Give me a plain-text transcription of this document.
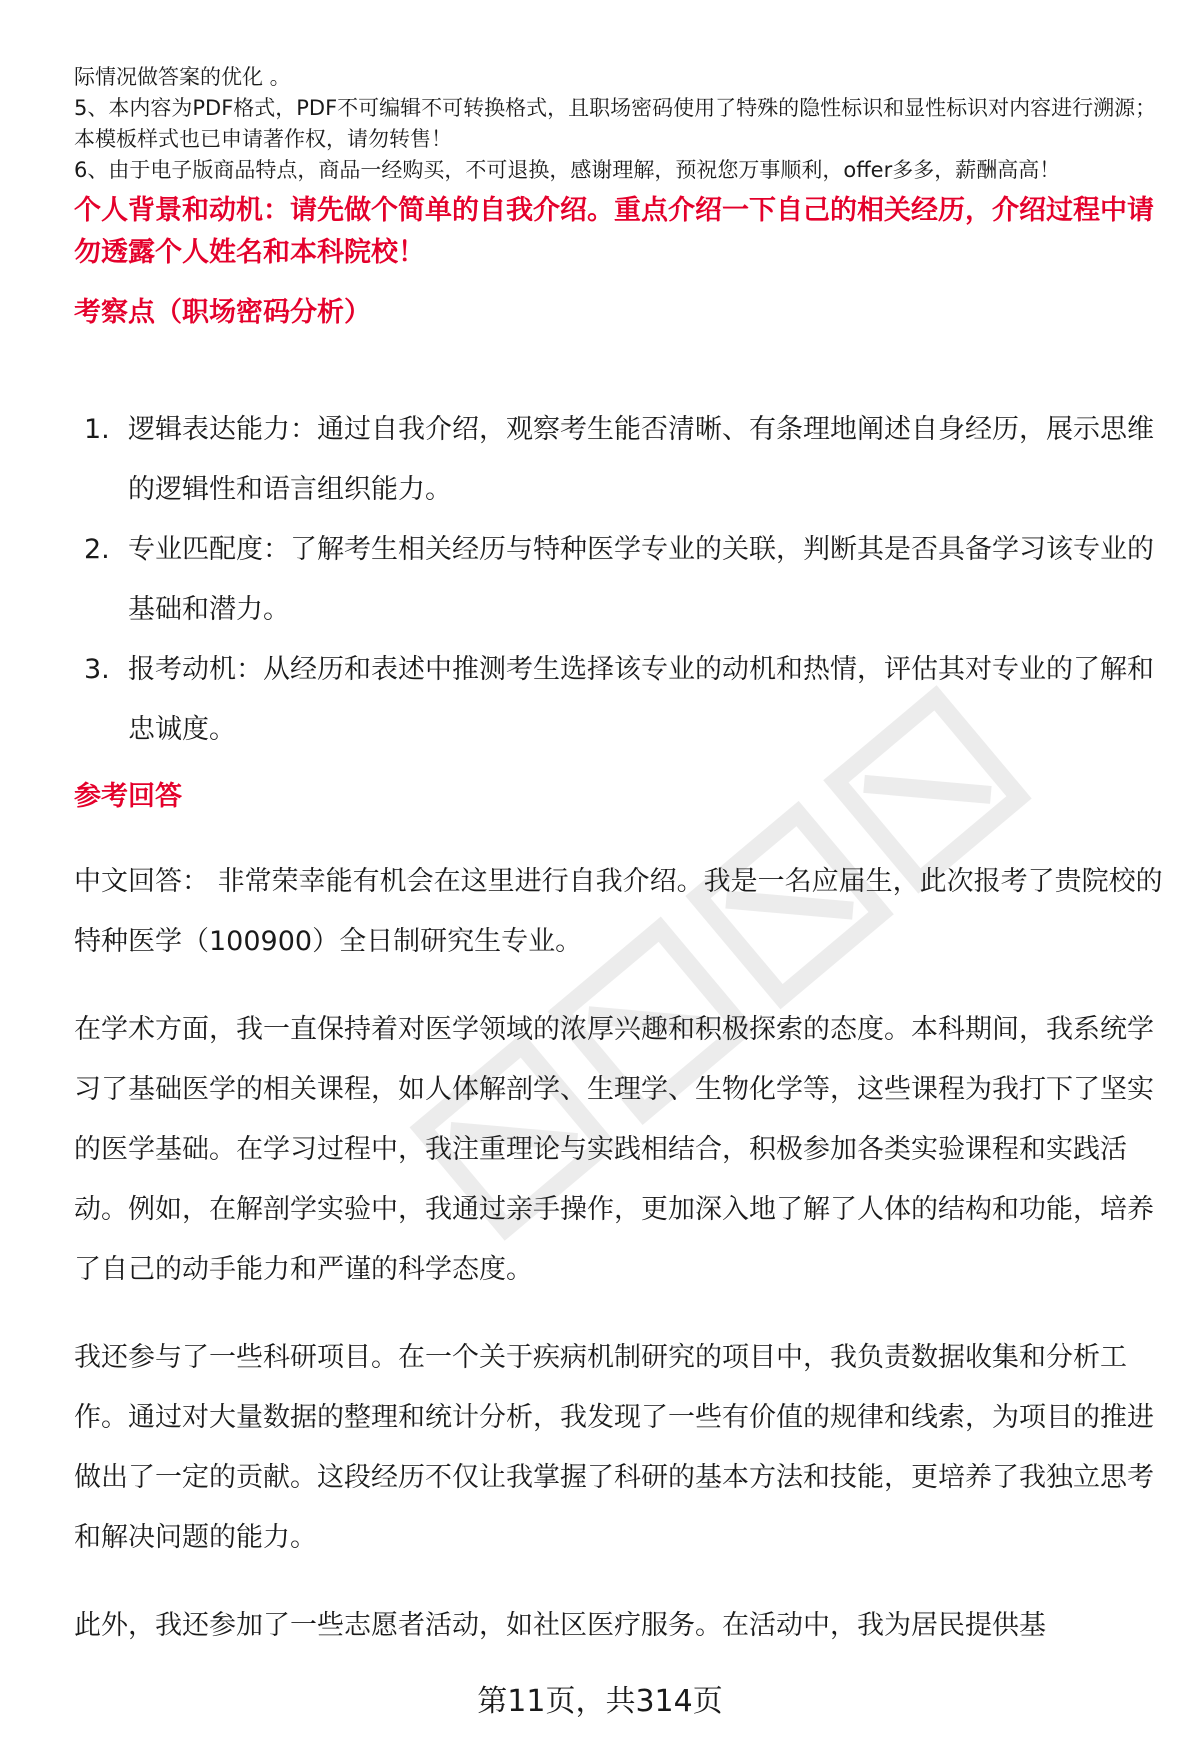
际情况做答案的优化 。

5、本内容为PDF格式，PDF不可编辑不可转换格式，且职场密码使用了特殊的隐性标识和显性标识对内容进行溯源；本模板样式也已申请著作权，请勿转售！

6、由于电子版商品特点，商品一经购买，不可退换，感谢理解，预祝您万事顺利，offer多多，薪酬高高！

个人背景和动机：请先做个简单的自我介绍。重点介绍一下自己的相关经历，介绍过程中请勿透露个人姓名和本科院校！

考察点（职场密码分析）

1. 逻辑表达能力：通过自我介绍，观察考生能否清晰、有条理地阐述自身经历，展示思维的逻辑性和语言组织能力。
2. 专业匹配度：了解考生相关经历与特种医学专业的关联，判断其是否具备学习该专业的基础和潜力。
3. 报考动机：从经历和表述中推测考生选择该专业的动机和热情，评估其对专业的了解和忠诚度。

参考回答

中文回答： 非常荣幸能有机会在这里进行自我介绍。我是一名应届生，此次报考了贵院校的特种医学（100900）全日制研究生专业。

在学术方面，我一直保持着对医学领域的浓厚兴趣和积极探索的态度。本科期间，我系统学习了基础医学的相关课程，如人体解剖学、生理学、生物化学等，这些课程为我打下了坚实的医学基础。在学习过程中，我注重理论与实践相结合，积极参加各类实验课程和实践活动。例如，在解剖学实验中，我通过亲手操作，更加深入地了解了人体的结构和功能，培养了自己的动手能力和严谨的科学态度。

我还参与了一些科研项目。在一个关于疾病机制研究的项目中，我负责数据收集和分析工作。通过对大量数据的整理和统计分析，我发现了一些有价值的规律和线索，为项目的推进做出了一定的贡献。这段经历不仅让我掌握了科研的基本方法和技能，更培养了我独立思考和解决问题的能力。

此外，我还参加了一些志愿者活动，如社区医疗服务。在活动中，我为居民提供基

第11页，共314页
